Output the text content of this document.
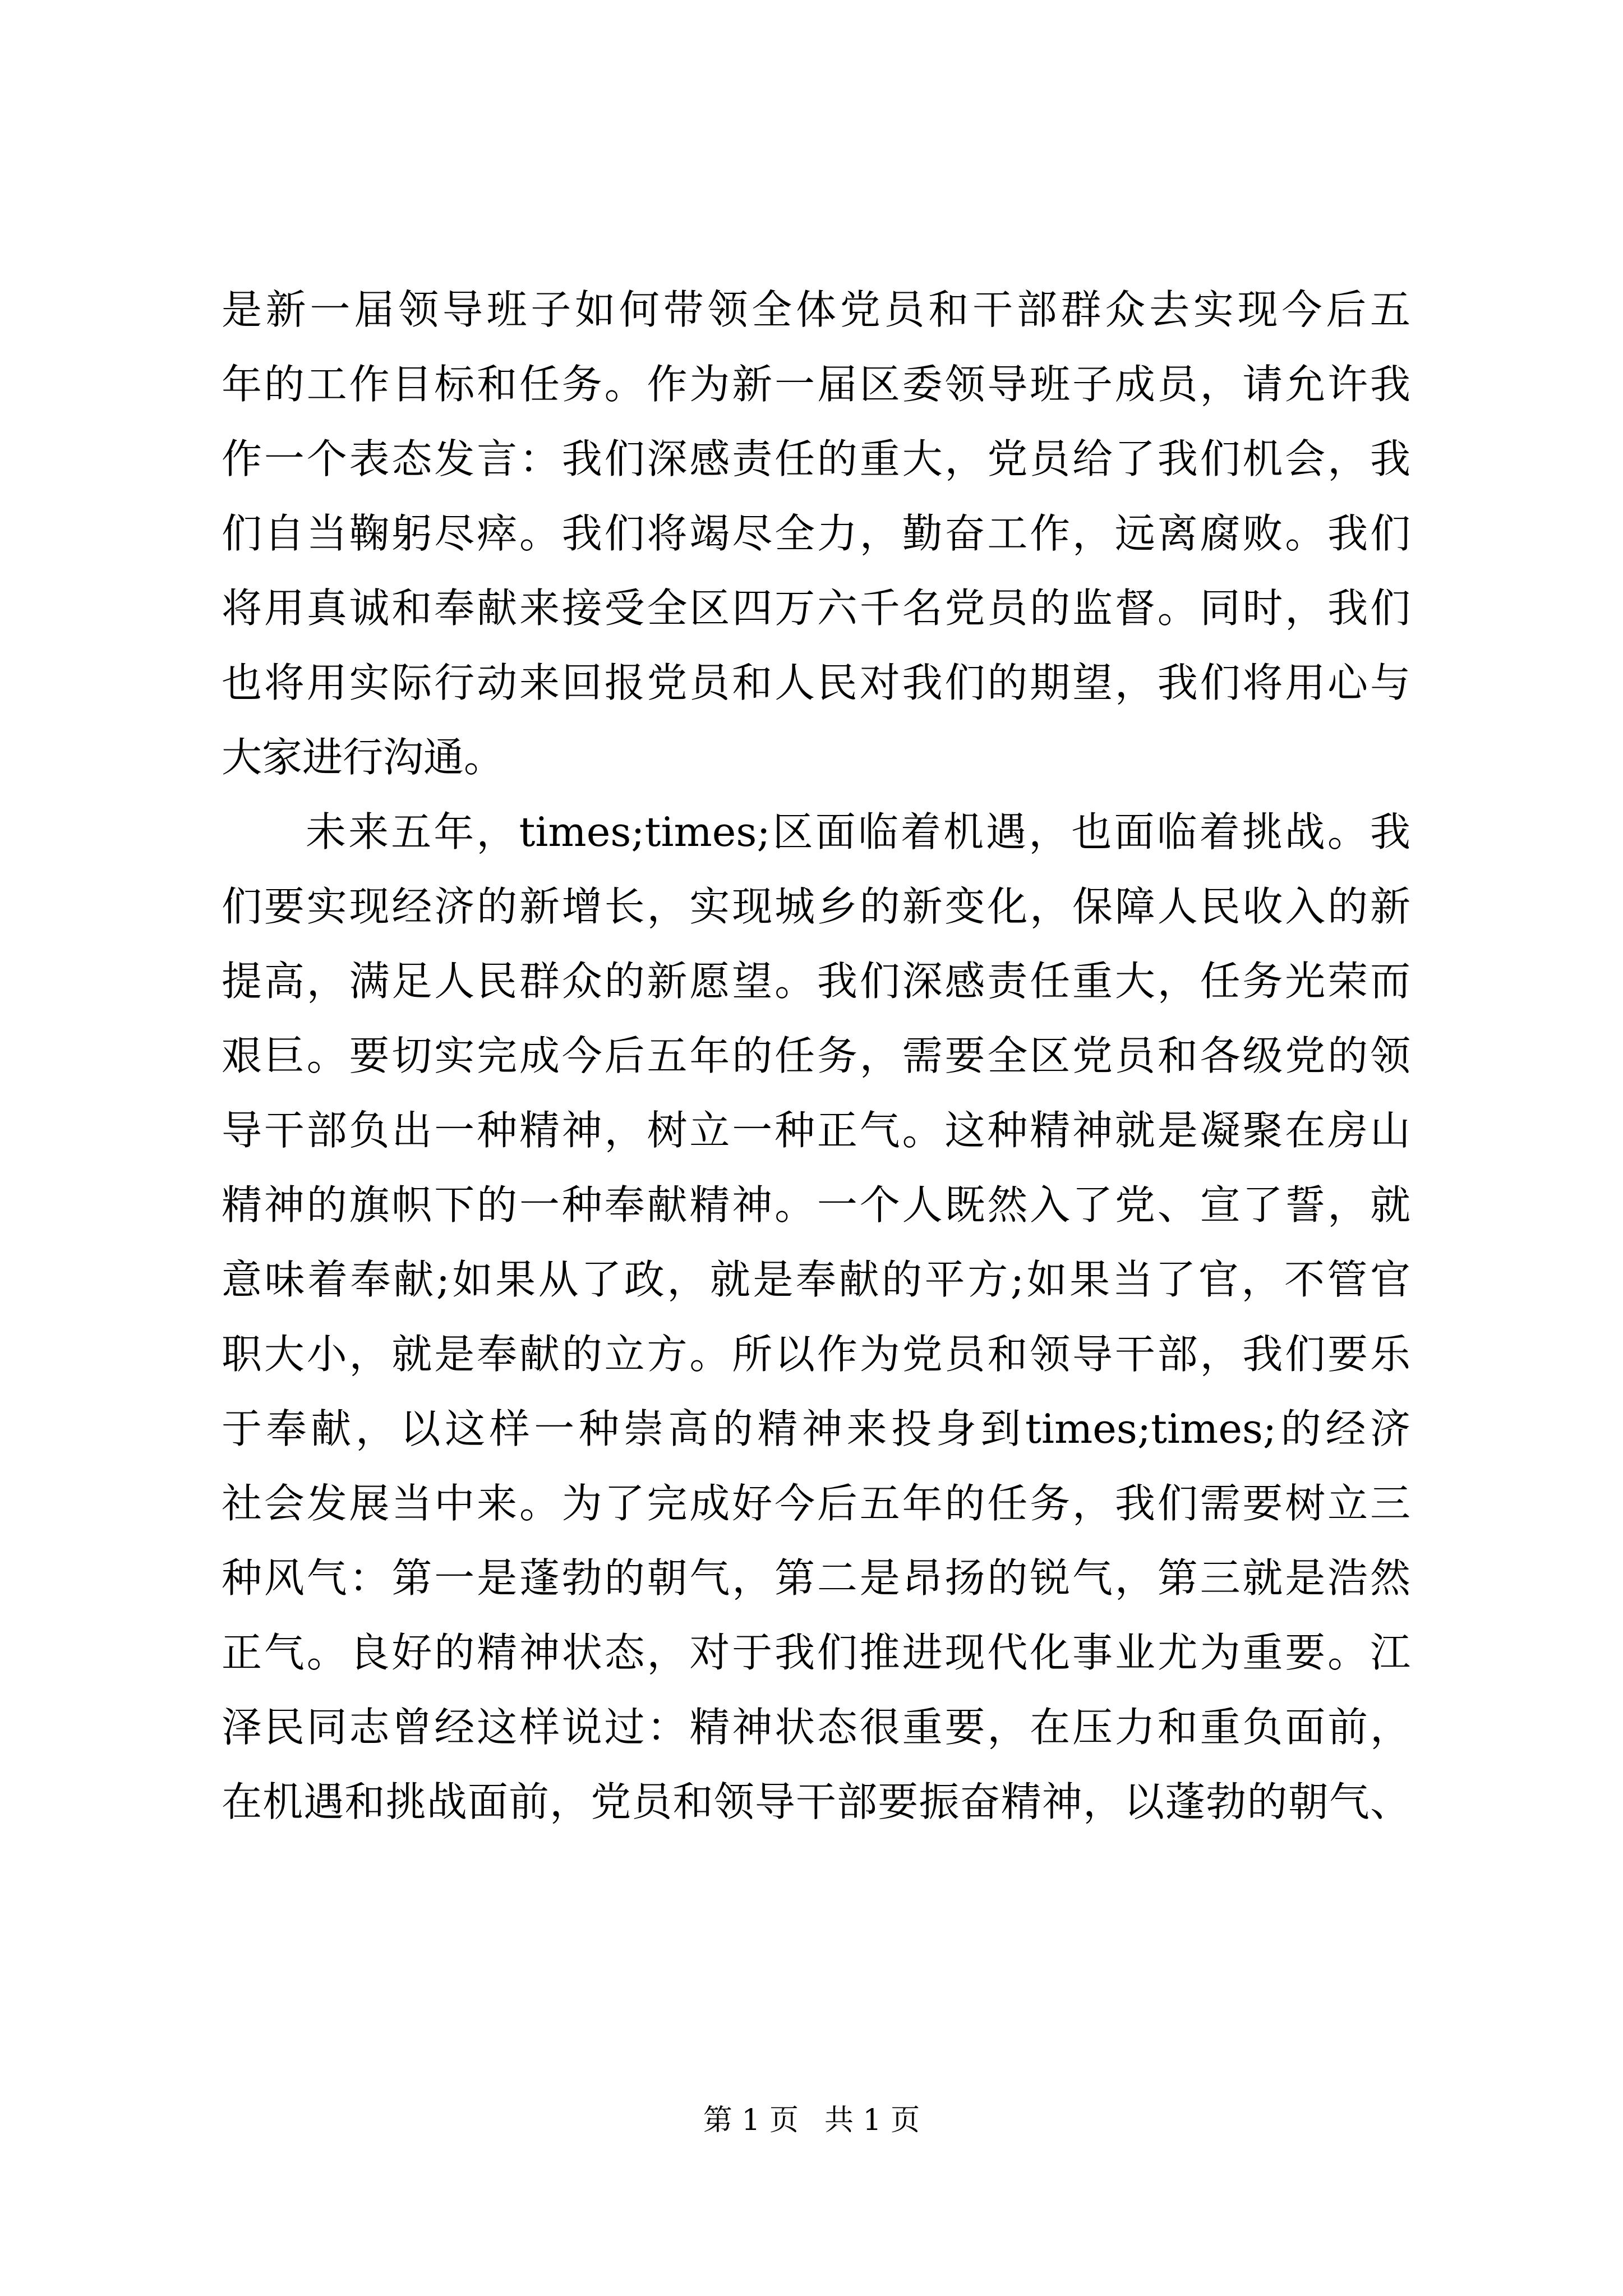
是新一届领导班子如何带领全体党员和干部群众去实现今后五
年的工作目标和任务。作为新一届区委领导班子成员，请允许我
作一个表态发言：我们深感责任的重大，党员给了我们机会，我
们自当鞠躬尽瘁。我们将竭尽全力，勤奋工作，远离腐败。我们
将用真诚和奉献来接受全区四万六千名党员的监督。同时，我们
也将用实际行动来回报党员和人民对我们的期望，我们将用心与
大家进行沟通。
未来五年，times;times;区面临着机遇，也面临着挑战。我
们要实现经济的新增长，实现城乡的新变化，保障人民收入的新
提高，满足人民群众的新愿望。我们深感责任重大，任务光荣而
艰巨。要切实完成今后五年的任务，需要全区党员和各级党的领
导干部负出一种精神，树立一种正气。这种精神就是凝聚在房山
精神的旗帜下的一种奉献精神。一个人既然入了党、宣了誓，就
意味着奉献;如果从了政，就是奉献的平方;如果当了官，不管官
职大小，就是奉献的立方。所以作为党员和领导干部，我们要乐
于奉献，以这样一种崇高的精神来投身到times;times;的经济
社会发展当中来。为了完成好今后五年的任务，我们需要树立三
种风气：第一是蓬勃的朝气，第二是昂扬的锐气，第三就是浩然
正气。良好的精神状态，对于我们推进现代化事业尤为重要。江
泽民同志曾经这样说过：精神状态很重要，在压力和重负面前，
在机遇和挑战面前，党员和领导干部要振奋精神，以蓬勃的朝气、
第 1 页 共 1 页
